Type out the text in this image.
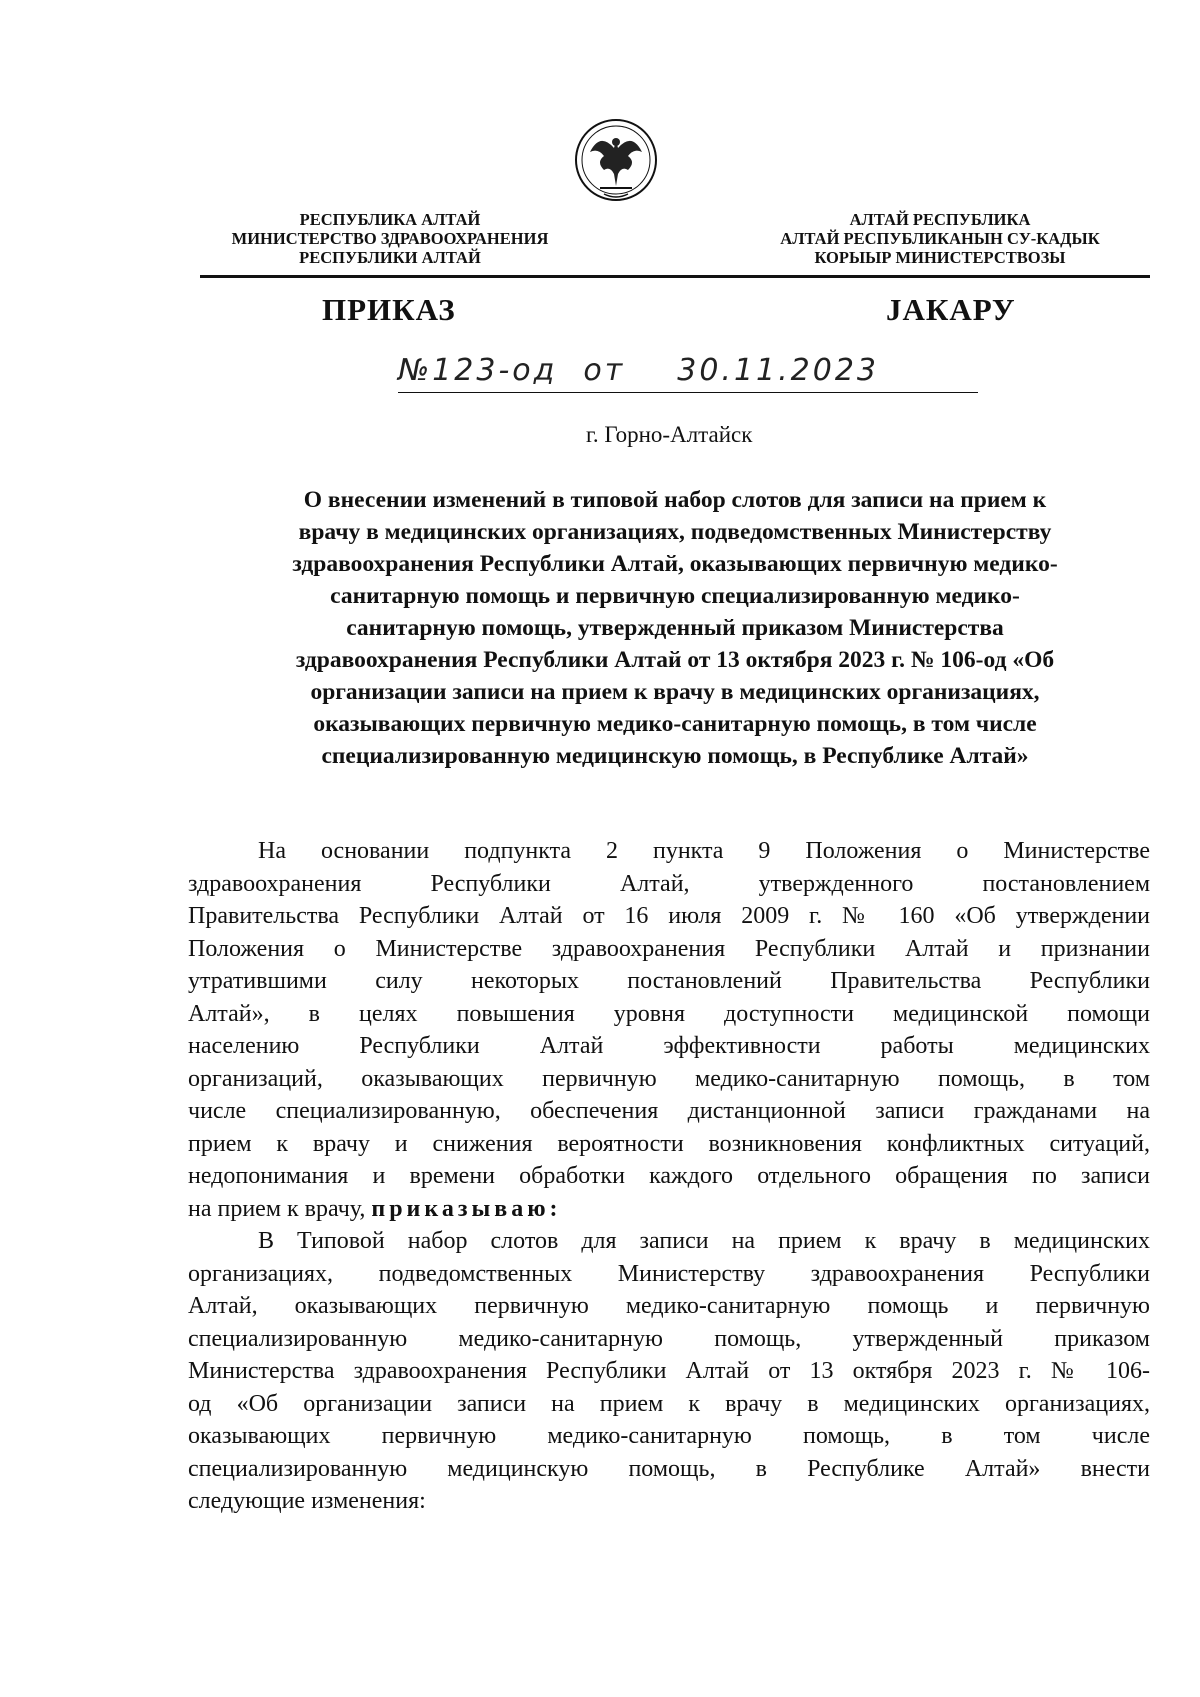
РЕСПУБЛИКА АЛТАЙ
МИНИСТЕРСТВО ЗДРАВООХРАНЕНИЯ
РЕСПУБЛИКИ АЛТАЙ
АЛТАЙ РЕСПУБЛИКА
АЛТАЙ РЕСПУБЛИКАНЫН СУ-КАДЫК
КОРЫЫР МИНИСТЕРСТВОЗЫ
ПРИКАЗ	JАКАРУ
№123-од от 30.11.2023
г. Горно-Алтайск
О внесении изменений в типовой набор слотов для записи на прием к
врачу в медицинских организациях, подведомственных Министерству
здравоохранения Республики Алтай, оказывающих первичную медико-
санитарную помощь и первичную специализированную медико-
санитарную помощь, утвержденный приказом Министерства
здравоохранения Республики Алтай от 13 октября 2023 г. № 106-од «Об
организации записи на прием к врачу в медицинских организациях,
оказывающих первичную медико-санитарную помощь, в том числе
специализированную медицинскую помощь, в Республике Алтай»
На основании подпункта 2 пункта 9 Положения о Министерстве
здравоохранения Республики Алтай, утвержденного постановлением
Правительства Республики Алтай от 16 июля 2009 г. № 160 «Об утверждении
Положения о Министерстве здравоохранения Республики Алтай и признании
утратившими силу некоторых постановлений Правительства Республики
Алтай», в целях повышения уровня доступности медицинской помощи
населению Республики Алтай эффективности работы медицинских
организаций, оказывающих первичную медико-санитарную помощь, в том
числе специализированную, обеспечения дистанционной записи гражданами на
прием к врачу и снижения вероятности возникновения конфликтных ситуаций,
недопонимания и времени обработки каждого отдельного обращения по записи
на прием к врачу, приказываю:
В Типовой набор слотов для записи на прием к врачу в медицинских
организациях, подведомственных Министерству здравоохранения Республики
Алтай, оказывающих первичную медико-санитарную помощь и первичную
специализированную медико-санитарную помощь, утвержденный приказом
Министерства здравоохранения Республики Алтай от 13 октября 2023 г. № 106-
од «Об организации записи на прием к врачу в медицинских организациях,
оказывающих первичную медико-санитарную помощь, в том числе
специализированную медицинскую помощь, в Республике Алтай» внести
следующие изменения:
